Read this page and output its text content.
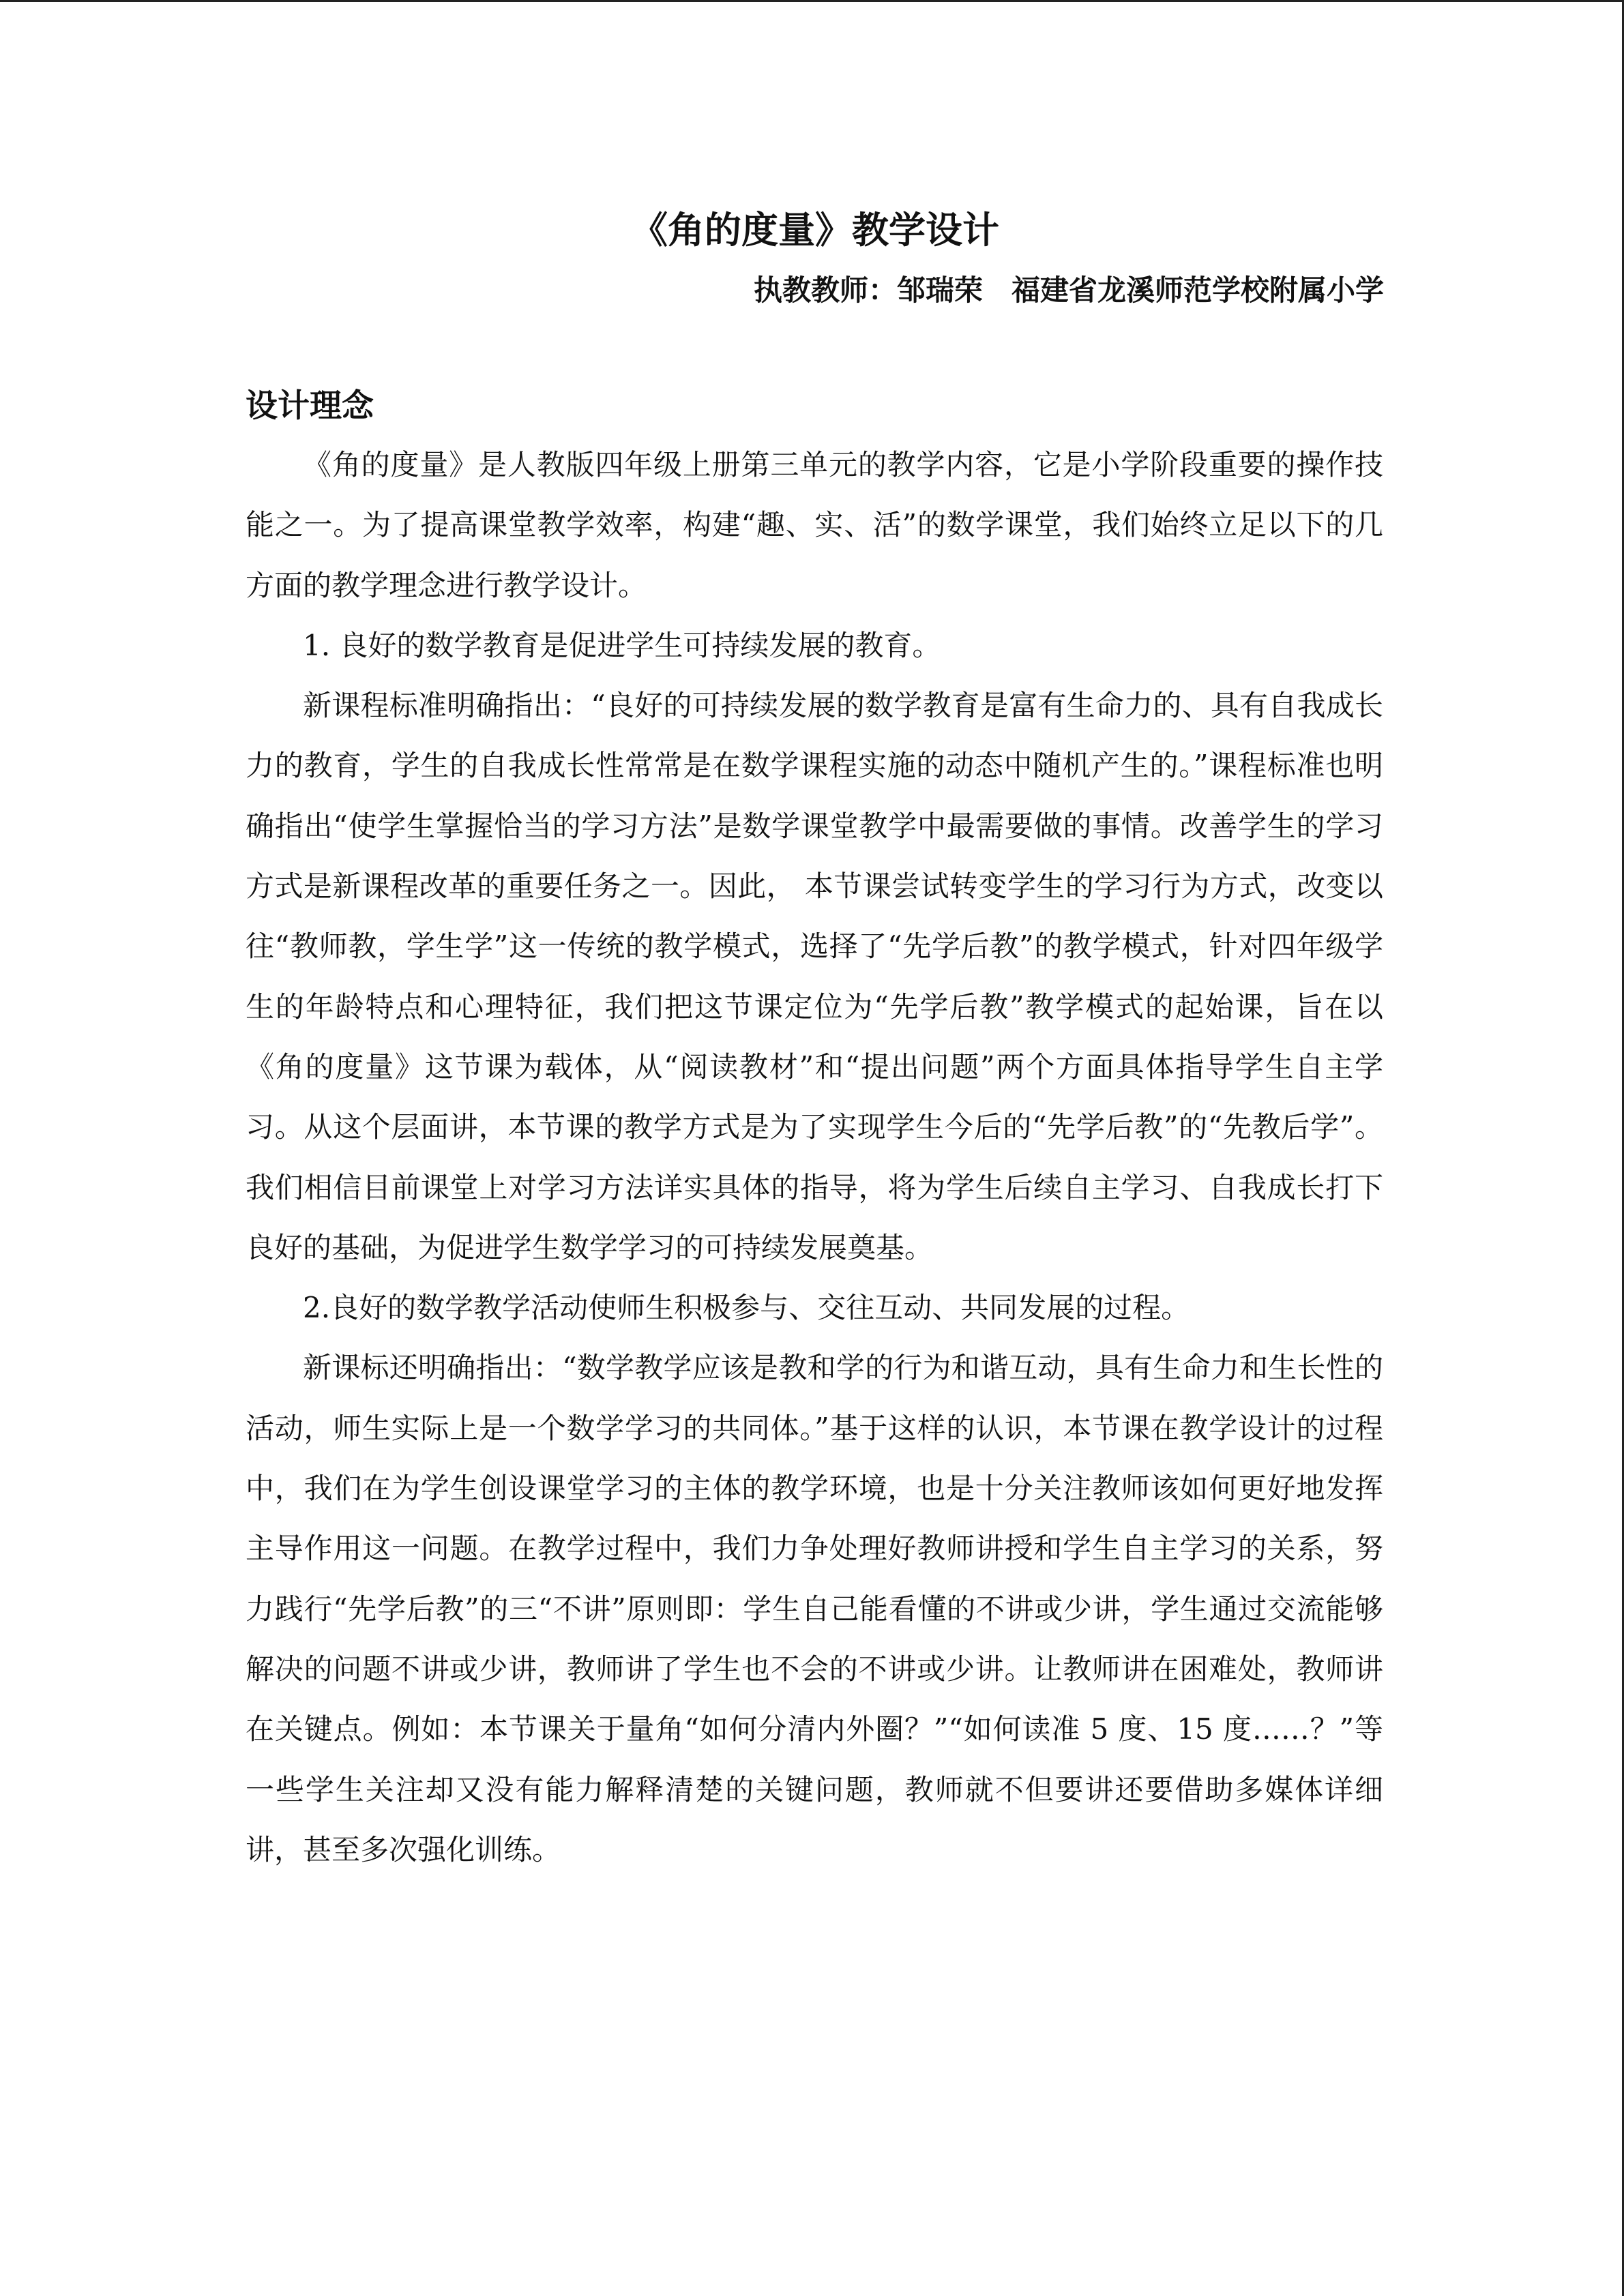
《角的度量》教学设计
执教教师：邹瑞荣 福建省龙溪师范学校附属小学
设计理念

《角的度量》是人教版四年级上册第三单元的教学内容，它是小学阶段重要的操作技能之一。为了提高课堂教学效率，构建“趣、实、活”的数学课堂，我们始终立足以下的几方面的教学理念进行教学设计。

1. 良好的数学教育是促进学生可持续发展的教育。

新课程标准明确指出：“良好的可持续发展的数学教育是富有生命力的、具有自我成长力的教育，学生的自我成长性常常是在数学课程实施的动态中随机产生的。”课程标准也明确指出“使学生掌握恰当的学习方法”是数学课堂教学中最需要做的事情。改善学生的学习方式是新课程改革的重要任务之一。因此， 本节课尝试转变学生的学习行为方式，改变以往“教师教，学生学”这一传统的教学模式，选择了“先学后教”的教学模式，针对四年级学生的年龄特点和心理特征，我们把这节课定位为“先学后教”教学模式的起始课，旨在以《角的度量》这节课为载体，从“阅读教材”和“提出问题”两个方面具体指导学生自主学习。从这个层面讲，本节课的教学方式是为了实现学生今后的“先学后教”的“先教后学”。我们相信目前课堂上对学习方法详实具体的指导，将为学生后续自主学习、自我成长打下良好的基础，为促进学生数学学习的可持续发展奠基。

2.良好的数学教学活动使师生积极参与、交往互动、共同发展的过程。

新课标还明确指出：“数学教学应该是教和学的行为和谐互动，具有生命力和生长性的活动，师生实际上是一个数学学习的共同体。”基于这样的认识，本节课在教学设计的过程中，我们在为学生创设课堂学习的主体的教学环境，也是十分关注教师该如何更好地发挥主导作用这一问题。在教学过程中，我们力争处理好教师讲授和学生自主学习的关系，努力践行“先学后教”的三“不讲”原则即：学生自己能看懂的不讲或少讲，学生通过交流能够解决的问题不讲或少讲，教师讲了学生也不会的不讲或少讲。让教师讲在困难处，教师讲在关键点。例如：本节课关于量角“如何分清内外圈？”“如何读准 5 度、15 度……？”等一些学生关注却又没有能力解释清楚的关键问题，教师就不但要讲还要借助多媒体详细讲，甚至多次强化训练。
